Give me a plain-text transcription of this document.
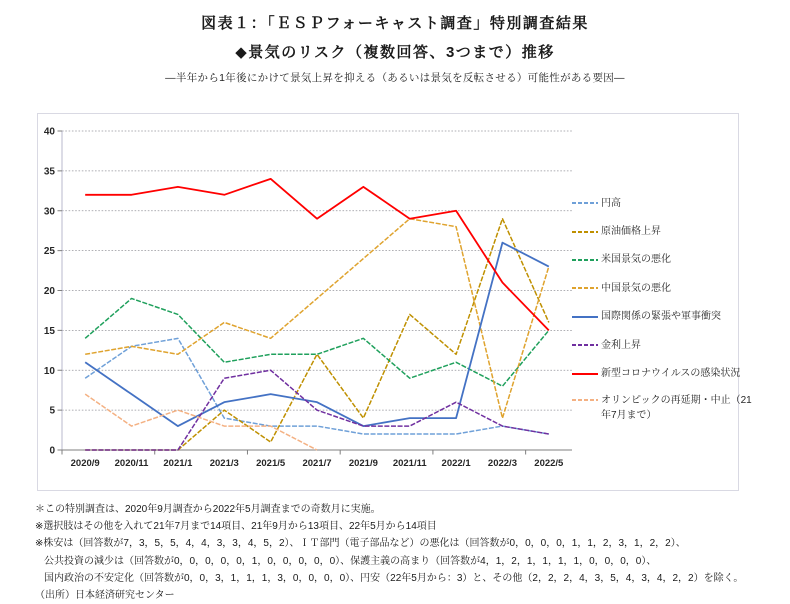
図表１：「ＥＳＰフォーキャスト調査」特別調査結果
◆景気のリスク（複数回答、3つまで）推移
―半年から1年後にかけて景気上昇を抑える（あるいは景気を反転させる）可能性がある要因―
0
5
10
15
20
25
30
35
40
2020/9 2020/11 2021/1 2021/3 2021/5 2021/7 2021/9 2021/11 2022/1 2022/3 2022/5
円高
原油価格上昇
米国景気の悪化
中国景気の悪化
国際関係の緊張や軍事衝突
金利上昇
新型コロナウイルスの感染状況
オリンピックの再延期・中止（21年7月まで）
＊この特別調査は、2020年9月調査から2022年5月調査までの奇数月に実施。
※選択肢はその他を入れて21年7月まで14項目、21年9月から13項目、22年5月から14項目
※株安は（回答数が7，3，5，5，4，4，3，3，4，5，2）、ＩＴ部門（電子部品など）の悪化は（回答数が0，0，0，0，1，1，2，3，1，2，2）、
公共投資の減少は（回答数が0，0，0，0，0，1，0，0，0，0，0）、保護主義の高まり（回答数が4，1，2，1，1，1，1，0，0，0，0）、
国内政治の不安定化（回答数が0，0，3，1，1，1，3，0，0，0，0）、円安（22年5月から：3）と、その他（2，2，2，4，3，5，4，3，4，2，2）を除く。
（出所）日本経済研究センター
